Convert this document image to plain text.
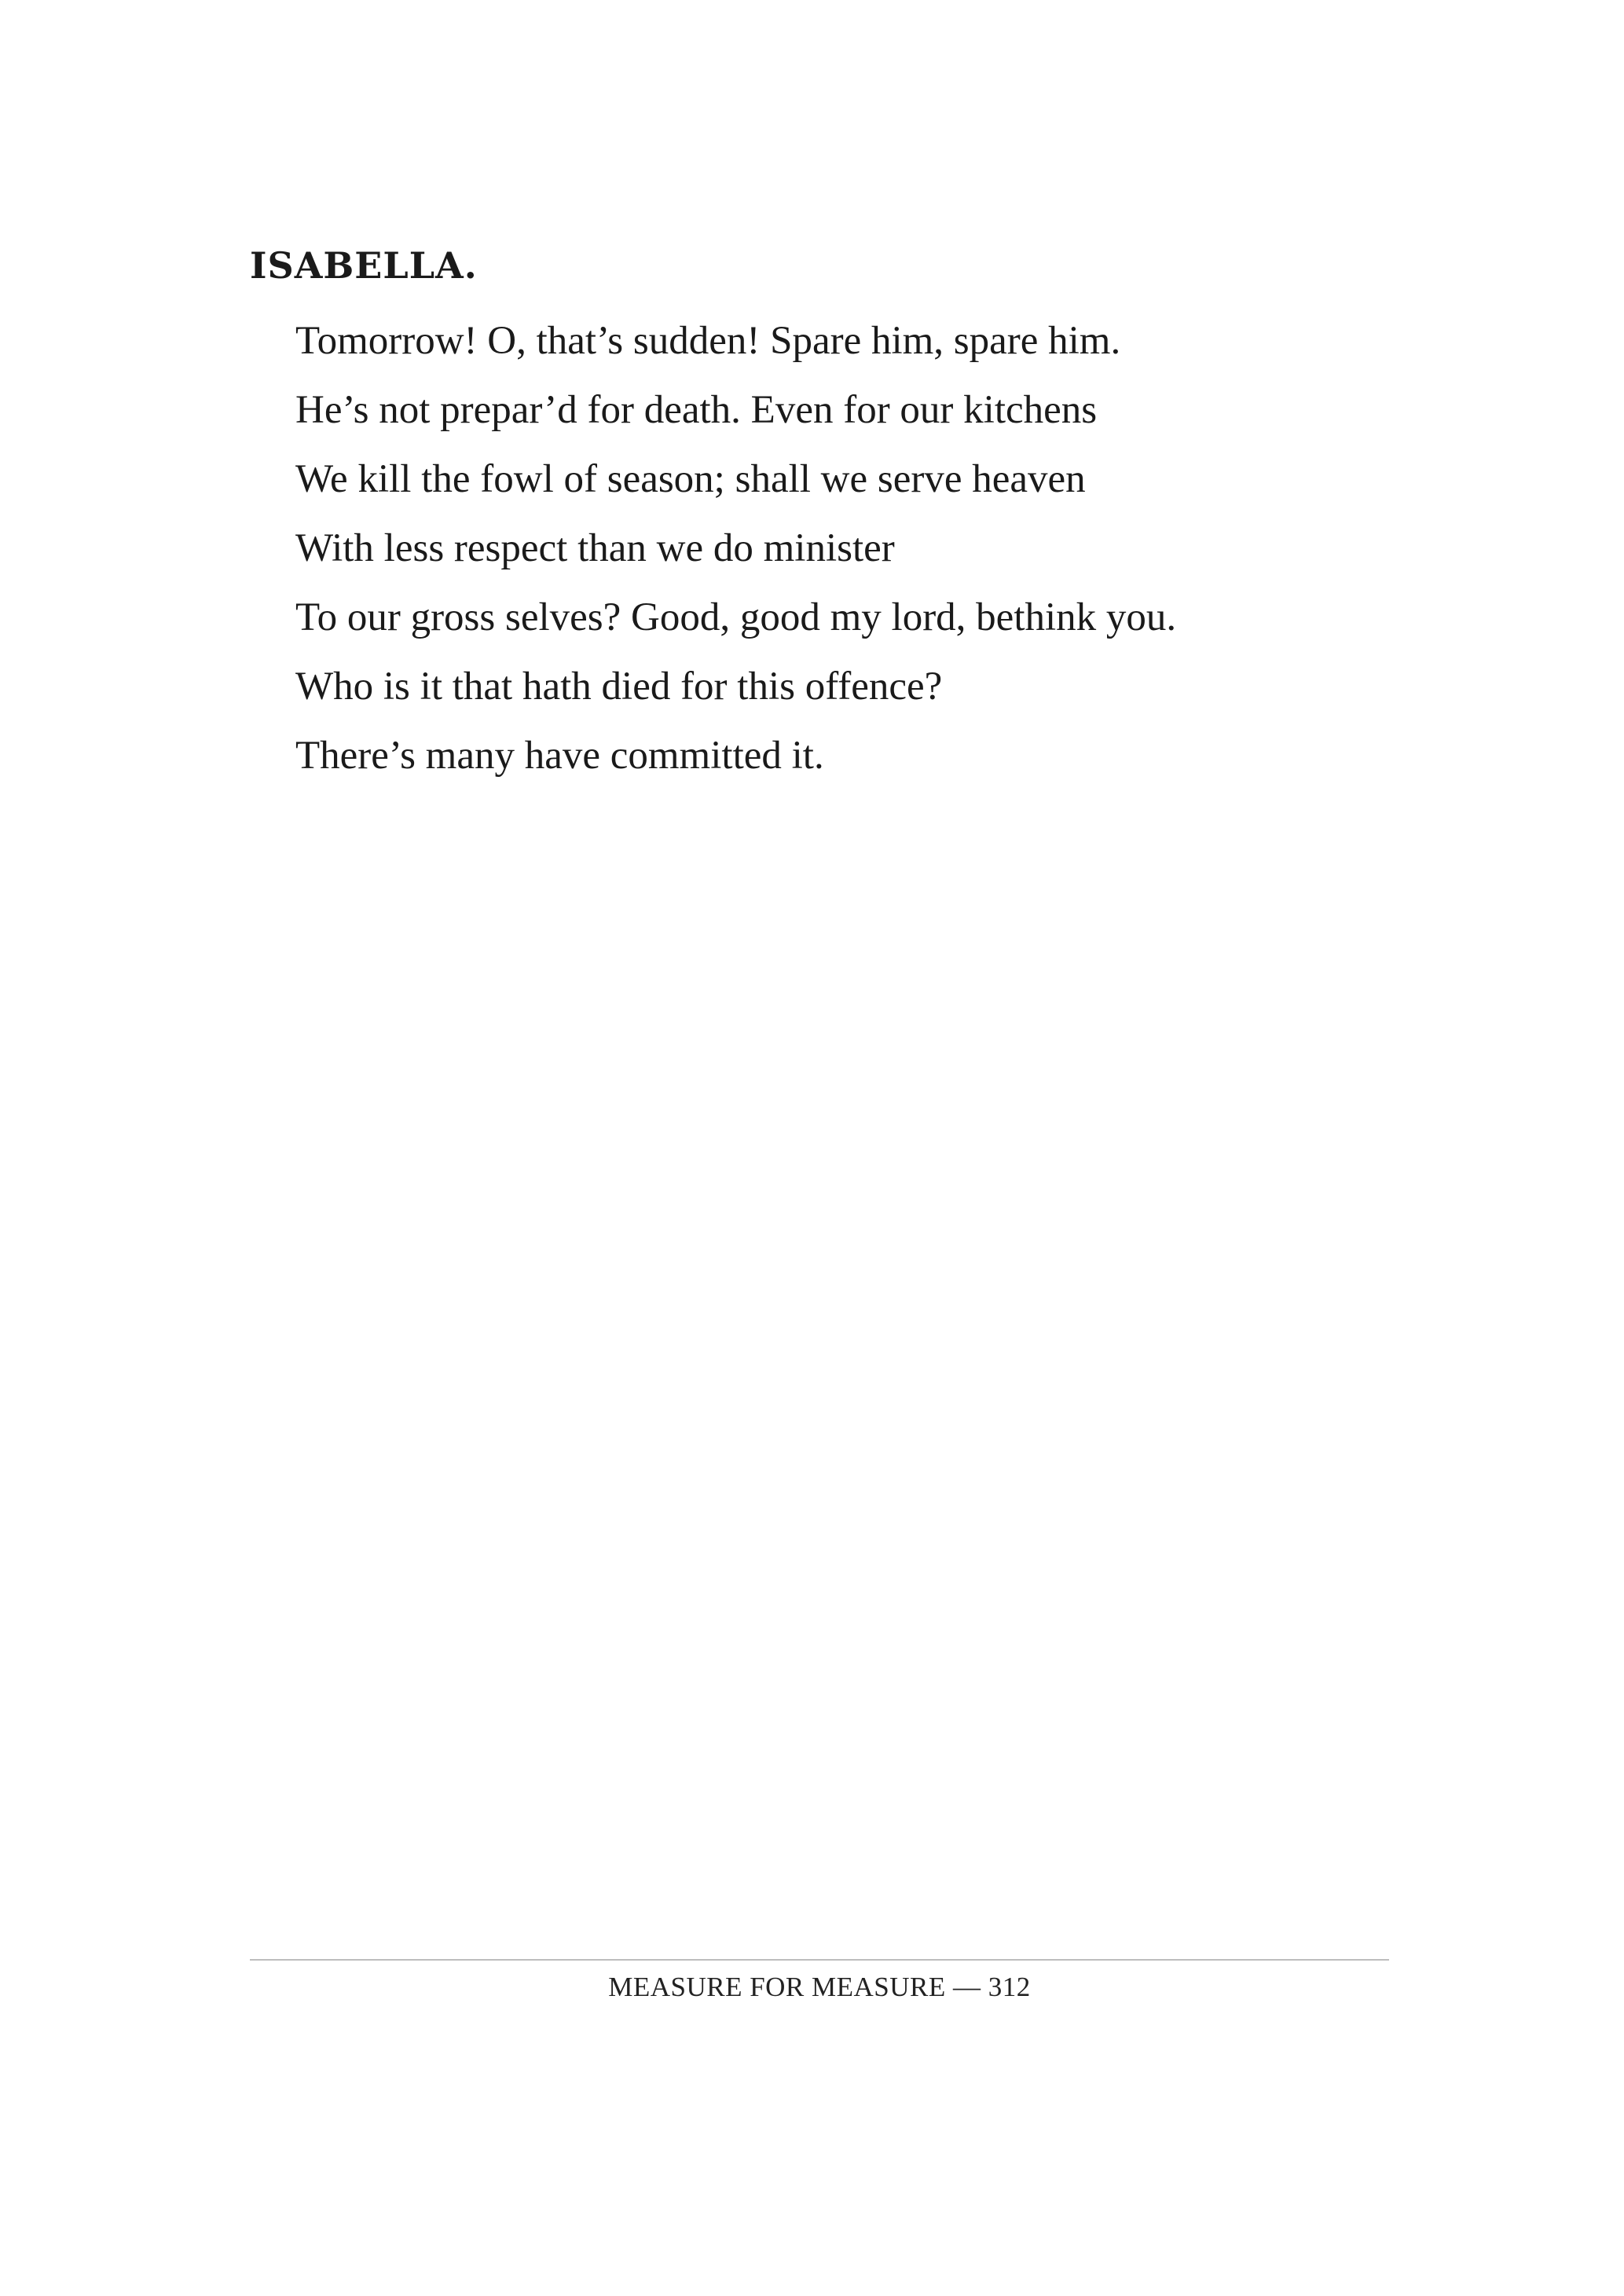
ISABELLA.
Tomorrow! O, that’s sudden! Spare him, spare him.
He’s not prepar’d for death. Even for our kitchens
We kill the fowl of season; shall we serve heaven
With less respect than we do minister
To our gross selves? Good, good my lord, bethink you.
Who is it that hath died for this offence?
There’s many have committed it.
MEASURE FOR MEASURE — 312
